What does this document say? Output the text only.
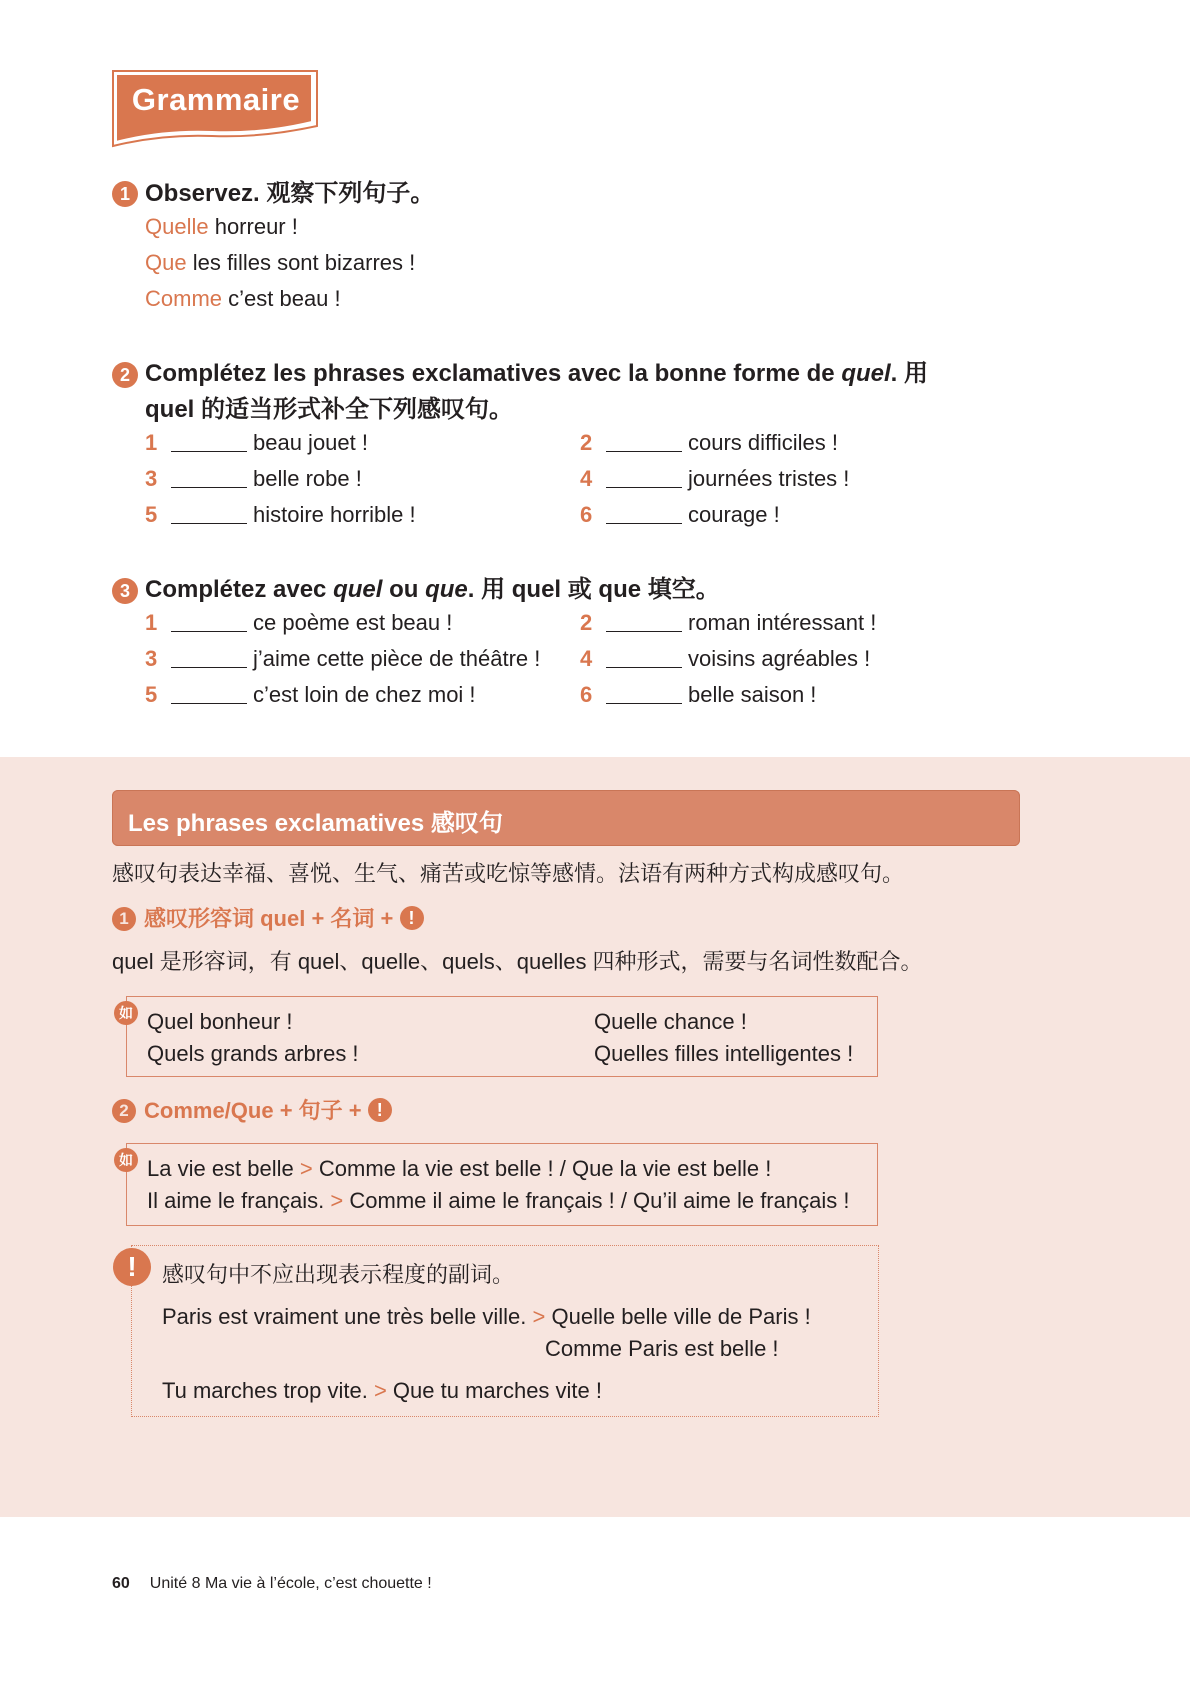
Grammaire
1 Observez. 观察下列句子。
Quelle horreur !
Que les filles sont bizarres !
Comme c’est beau !
2 Complétez les phrases exclamatives avec la bonne forme de quel. 用
quel 的适当形式补全下列感叹句。
1	beau jouet !	2	cours difficiles !
3	belle robe !	4	journées tristes !
5	histoire horrible !	6	courage !
3 Complétez avec quel ou que. 用 quel 或 que 填空。
1	ce poème est beau !	2	roman intéressant !
3	j’aime cette pièce de théâtre ! 4	voisins agréables !
5	c’est loin de chez moi !	6	belle saison !
Les phrases exclamatives 感叹句
感叹句表达幸福、喜悦、生气、痛苦或吃惊等感情。法语有两种方式构成感叹句。
1 感叹形容词 quel + 名词 + !
quel 是形容词，有 quel、quelle、quels、quelles 四种形式，需要与名词性数配合。
Quel bonheur !	Quelle chance !
Quels grands arbres !	Quelles filles intelligentes !
如
2 Comme/Que + 句子 + !
La vie est belle > Comme la vie est belle ! / Que la vie est belle !
Il aime le français. > Comme il aime le français ! / Qu’il aime le français !
如
感叹句中不应出现表示程度的副词。
Paris est vraiment une très belle ville. > Quelle belle ville de Paris !
Comme Paris est belle !
Tu marches trop vite. > Que tu marches vite !
!
60 Unité 8 Ma vie à l’école, c’est chouette !
